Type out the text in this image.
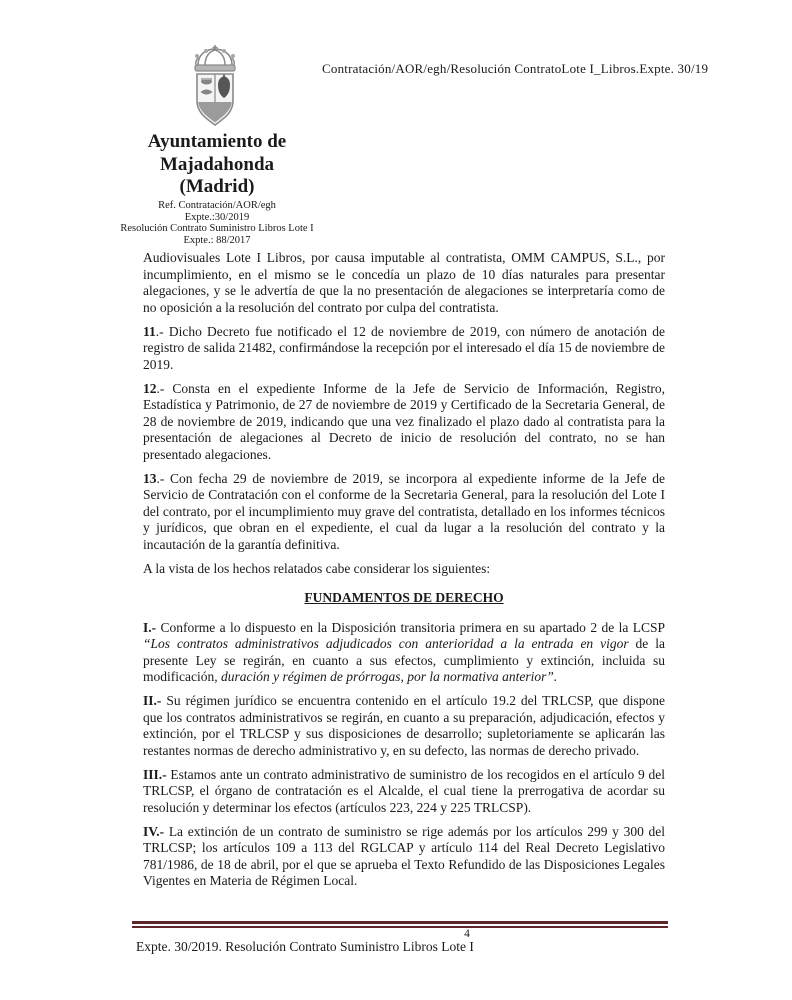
Contratación/AOR/egh/Resolución ContratoLote I_Libros.Expte. 30/19
Ayuntamiento de
Majadahonda
(Madrid)
Ref. Contratación/AOR/egh
Expte.:30/2019
Resolución Contrato Suministro Libros Lote I
Expte.: 88/2017

Audiovisuales Lote I Libros, por causa imputable al contratista, OMM CAMPUS, S.L., por incumplimiento, en el mismo se le concedía un plazo de 10 días naturales para presentar alegaciones, y se le advertía de que la no presentación de alegaciones se interpretaría como de no oposición a la resolución del contrato por culpa del contratista.

11.- Dicho Decreto fue notificado el 12 de noviembre de 2019, con número de anotación de registro de salida 21482, confirmándose la recepción por el interesado el día 15 de noviembre de 2019.

12.- Consta en el expediente Informe de la Jefe de Servicio de Información, Registro, Estadística y Patrimonio, de 27 de noviembre de 2019 y Certificado de la Secretaria General, de 28 de noviembre de 2019, indicando que una vez finalizado el plazo dado al contratista para la presentación de alegaciones al Decreto de inicio de resolución del contrato, no se han presentado alegaciones.

13.- Con fecha 29 de noviembre de 2019, se incorpora al expediente informe de la Jefe de Servicio de Contratación con el conforme de la Secretaria General, para la resolución del Lote I del contrato, por el incumplimiento muy grave del contratista, detallado en los informes técnicos y jurídicos, que obran en el expediente, el cual da lugar a la resolución del contrato y la incautación de la garantía definitiva.

A la vista de los hechos relatados cabe considerar los siguientes:

FUNDAMENTOS DE DERECHO

I.- Conforme a lo dispuesto en la Disposición transitoria primera en su apartado 2 de la LCSP “Los contratos administrativos adjudicados con anterioridad a la entrada en vigor de la presente Ley se regirán, en cuanto a sus efectos, cumplimiento y extinción, incluida su modificación, duración y régimen de prórrogas, por la normativa anterior”.

II.- Su régimen jurídico se encuentra contenido en el artículo 19.2 del TRLCSP, que dispone que los contratos administrativos se regirán, en cuanto a su preparación, adjudicación, efectos y extinción, por el TRLCSP y sus disposiciones de desarrollo; supletoriamente se aplicarán las restantes normas de derecho administrativo y, en su defecto, las normas de derecho privado.

III.- Estamos ante un contrato administrativo de suministro de los recogidos en el artículo 9 del TRLCSP, el órgano de contratación es el Alcalde, el cual tiene la prerrogativa de acordar su resolución y determinar los efectos (artículos 223, 224 y 225 TRLCSP).

IV.- La extinción de un contrato de suministro se rige además por los artículos 299 y 300 del TRLCSP; los artículos 109 a 113 del RGLCAP y artículo 114 del Real Decreto Legislativo 781/1986, de 18 de abril, por el que se aprueba el Texto Refundido de las Disposiciones Legales Vigentes en Materia de Régimen Local.

4
Expte. 30/2019. Resolución Contrato Suministro Libros Lote I
